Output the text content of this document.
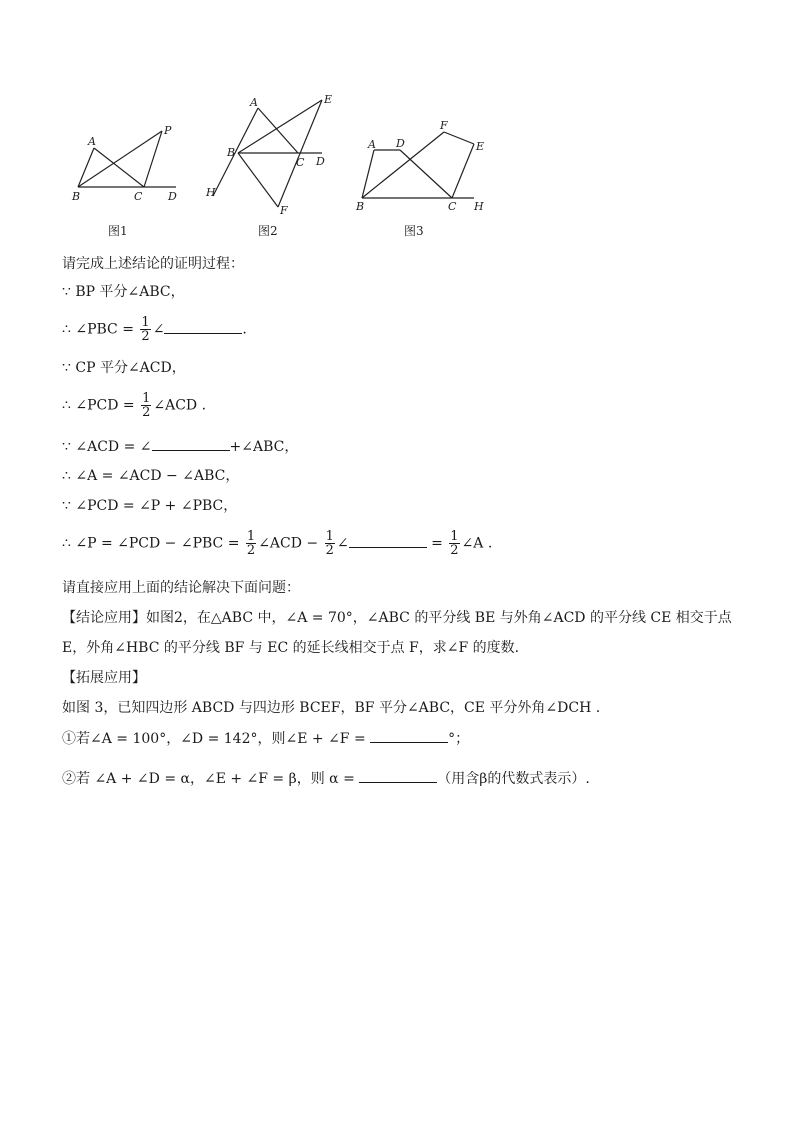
A
B	C D
P
A
B
C D
E
F
H
A
B	C
D	E
F
H
图1	图2	图3
请完成上述结论的证明过程：
∵ BP 平分∠ABC，
∴ ∠PBC = $\frac{1}{2}$ ∠	.
∵ CP 平分∠ACD，
∴ ∠PCD = $\frac{1}{2}$ ∠ACD .
∵ ∠ACD = ∠	+∠ABC，
∴ ∠A = ∠ACD − ∠ABC，
∵ ∠PCD = ∠P + ∠PBC，
∴ ∠P = ∠PCD − ∠PBC = $\frac{1}{2}$ ∠ACD − $\frac{1}{2}$ ∠	= $\frac{1}{2}$ ∠A .
请直接应用上面的结论解决下面问题：
【结论应用】如图2，在△ABC 中，∠A = 70°，∠ABC 的平分线 BE 与外角∠ACD 的平分线 CE 相交于点
E，外角∠HBC 的平分线 BF 与 EC 的延长线相交于点 F，求∠F 的度数.
【拓展应用】
如图 3，已知四边形 ABCD 与四边形 BCEF，BF 平分∠ABC，CE 平分外角∠DCH .
①若∠A = 100°，∠D = 142°，则∠E + ∠F =	°；
②若 ∠A + ∠D = α，∠E + ∠F = β，则 α =	（用含β的代数式表示）.
